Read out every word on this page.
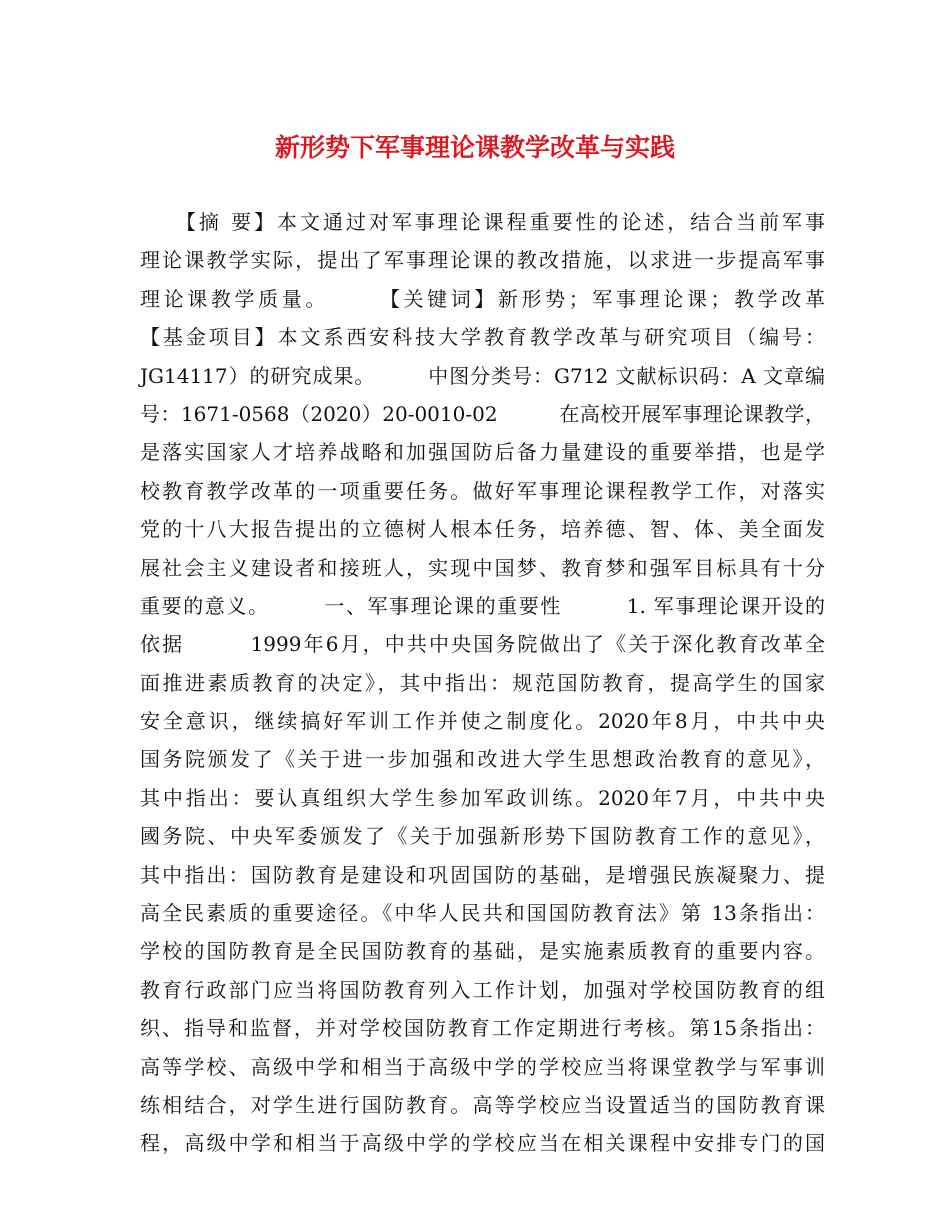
新形势下军事理论课教学改革与实践
　　【摘 要】本文通过对军事理论课程重要性的论述，结合当前军事
理论课教学实际，提出了军事理论课的教改措施，以求进一步提高军事
理论课教学质量。　　　【关键词】新形势；军事理论课；教学改革
【基金项目】本文系西安科技大学教育教学改革与研究项目（编号：
JG14117）的研究成果。　　　中图分类号：G712 文献标识码：A 文章编
号：1671-0568（2020）20-0010-02　　　在高校开展军事理论课教学，
是落实国家人才培养战略和加强国防后备力量建设的重要举措，也是学
校教育教学改革的一项重要任务。做好军事理论课程教学工作，对落实
党的十八大报告提出的立德树人根本任务，培养德、智、体、美全面发
展社会主义建设者和接班人，实现中国梦、教育梦和强军目标具有十分
重要的意义。　　　一、军事理论课的重要性　　　1. 军事理论课开设的
依据　　　1999年6月，中共中央国务院做出了《关于深化教育改革全
面推进素质教育的决定》，其中指出：规范国防教育，提高学生的国家
安全意识，继续搞好军训工作并使之制度化。2020年8月，中共中央
国务院颁发了《关于进一步加强和改进大学生思想政治教育的意见》，
其中指出：要认真组织大学生参加军政训练。2020年7月，中共中央
國务院、中央军委颁发了《关于加强新形势下国防教育工作的意见》，
其中指出：国防教育是建设和巩固国防的基础，是增强民族凝聚力、提
高全民素质的重要途径。《中华人民共和国国防教育法》第 13条指出：
学校的国防教育是全民国防教育的基础，是实施素质教育的重要内容。
教育行政部门应当将国防教育列入工作计划，加强对学校国防教育的组
织、指导和监督，并对学校国防教育工作定期进行考核。第15条指出：
高等学校、高级中学和相当于高级中学的学校应当将课堂教学与军事训
练相结合，对学生进行国防教育。高等学校应当设置适当的国防教育课
程，高级中学和相当于高级中学的学校应当在相关课程中安排专门的国
